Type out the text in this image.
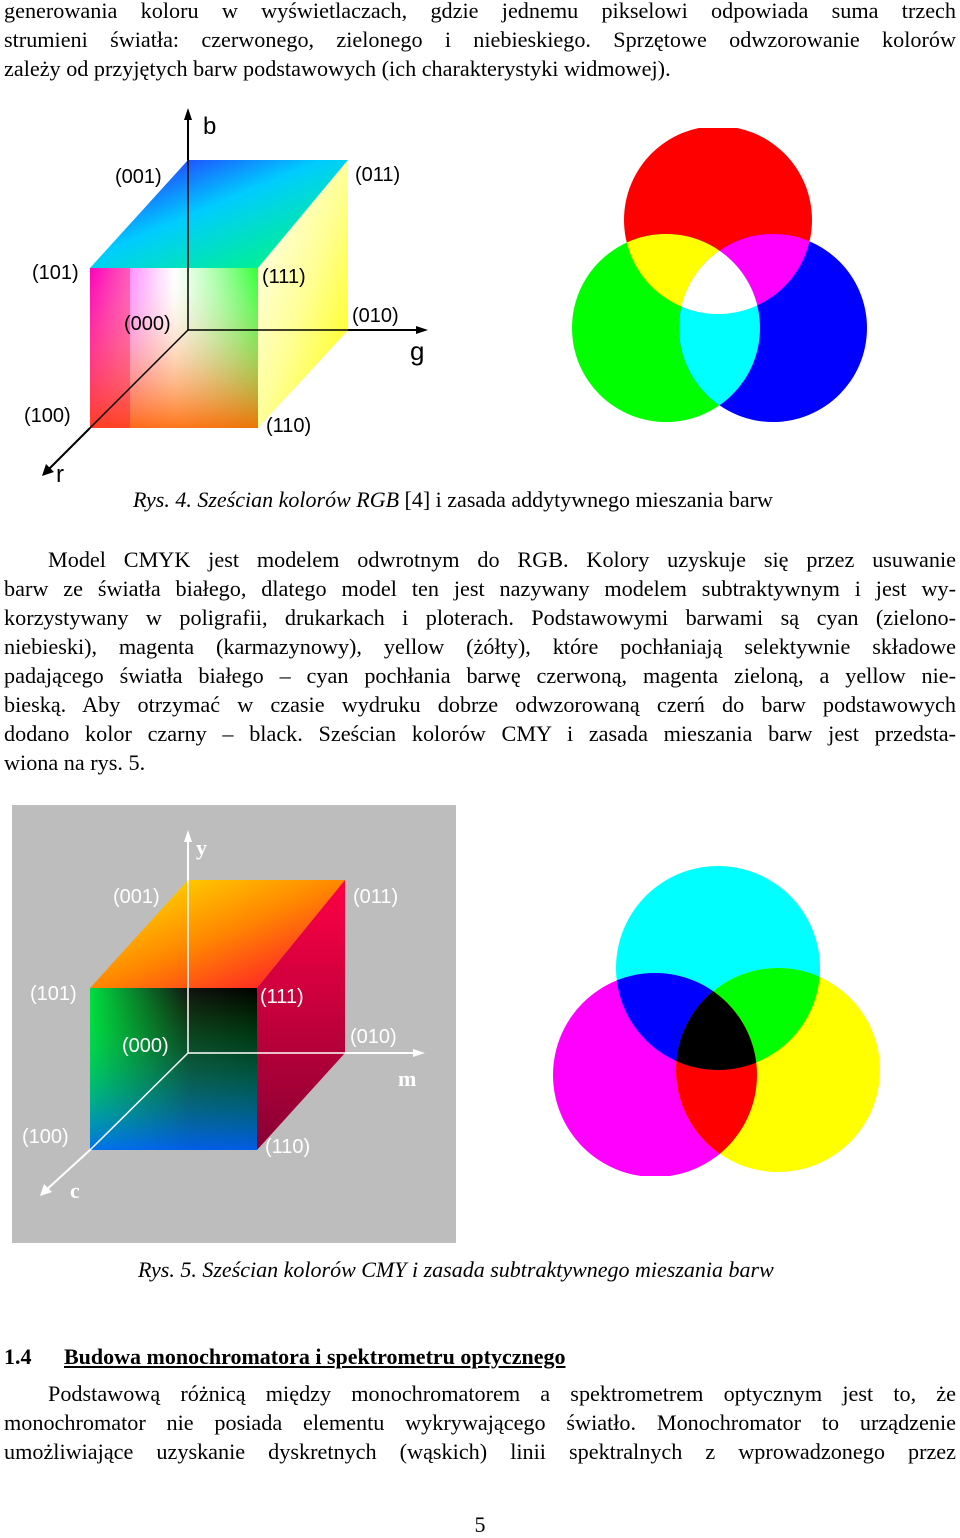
generowania koloru w wyświetlaczach, gdzie jednemu pikselowi odpowiada suma trzech
strumieni światła: czerwonego, zielonego i niebieskiego. Sprzętowe odwzorowanie kolorów
zależy od przyjętych barw podstawowych (ich charakterystyki widmowej).
b
g
r
(001)	(011)
(101)	(111)
(000)	(010)
(100)	(110)
Rys. 4. Sześcian kolorów RGB [4] i zasada addytywnego mieszania barw
Model CMYK jest modelem odwrotnym do RGB. Kolory uzyskuje się przez usuwanie
barw ze światła białego, dlatego model ten jest nazywany modelem subtraktywnym i jest wy-
korzystywany w poligrafii, drukarkach i ploterach. Podstawowymi barwami są cyan (zielono-
niebieski), magenta (karmazynowy), yellow (żółty), które pochłaniają selektywnie składowe
padającego światła białego – cyan pochłania barwę czerwoną, magenta zieloną, a yellow nie-
bieską. Aby otrzymać w czasie wydruku dobrze odwzorowaną czerń do barw podstawowych
dodano kolor czarny – black. Sześcian kolorów CMY i zasada mieszania barw jest przedsta-
wiona na rys. 5.
y
m
c
(001)	(011)
(101)	(111)
(000)	(010)
(100)	(110)
Rys. 5. Sześcian kolorów CMY i zasada subtraktywnego mieszania barw
1.4 Budowa monochromatora i spektrometru optycznego
Podstawową różnicą między monochromatorem a spektrometrem optycznym jest to, że
monochromator nie posiada elementu wykrywającego światło. Monochromator to urządzenie
umożliwiające uzyskanie dyskretnych (wąskich) linii spektralnych z wprowadzonego przez
5
